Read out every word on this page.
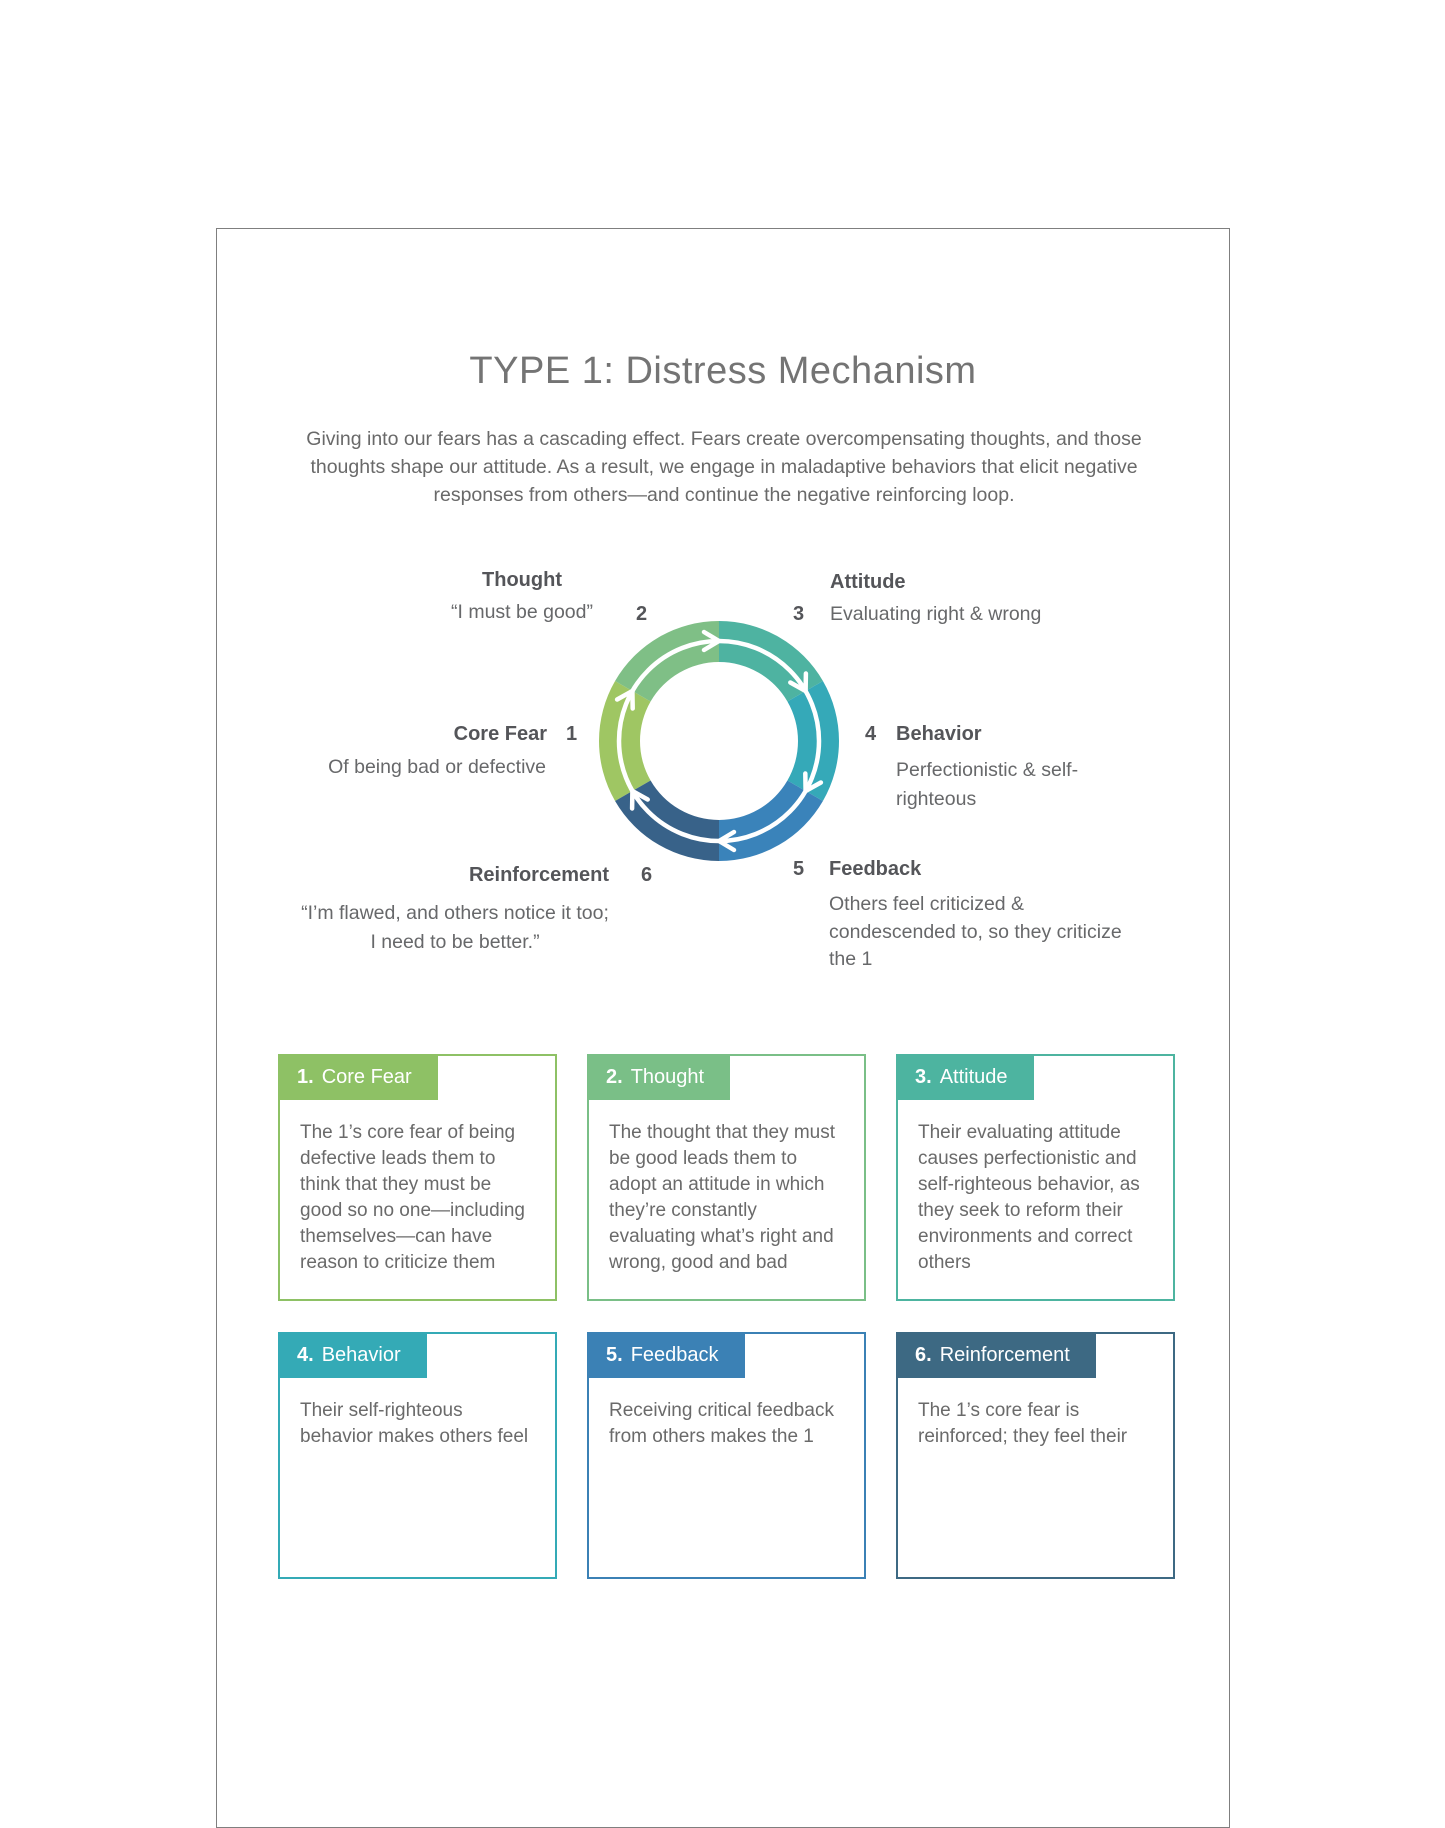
TYPE 1: Distress Mechanism
Giving into our fears has a cascading effect. Fears create overcompensating thoughts, and those thoughts shape our attitude. As a result, we engage in maladaptive behaviors that elicit negative responses from others—and continue the negative reinforcing loop.
2	3
1	4
6	5
Thought
“I must be good”
Attitude
Evaluating right & wrong
Core Fear
Of being bad or defective
Behavior
Perfectionistic & self-righteous
Reinforcement
“I’m flawed, and others notice it too; I need to be better.”
Feedback
Others feel criticized & condescended to, so they criticize the 1
1. Core Fear
The 1’s core fear of being defective leads them to think that they must be good so no one—including themselves—can have reason to criticize them
2. Thought
The thought that they must be good leads them to adopt an attitude in which they’re constantly evaluating what’s right and wrong, good and bad
3. Attitude
Their evaluating attitude causes perfectionistic and self-righteous behavior, as they seek to reform their environments and correct others
4. Behavior
Their self-righteous behavior makes others feel
5. Feedback
Receiving critical feedback from others makes the 1
6. Reinforcement
The 1’s core fear is reinforced; they feel their
